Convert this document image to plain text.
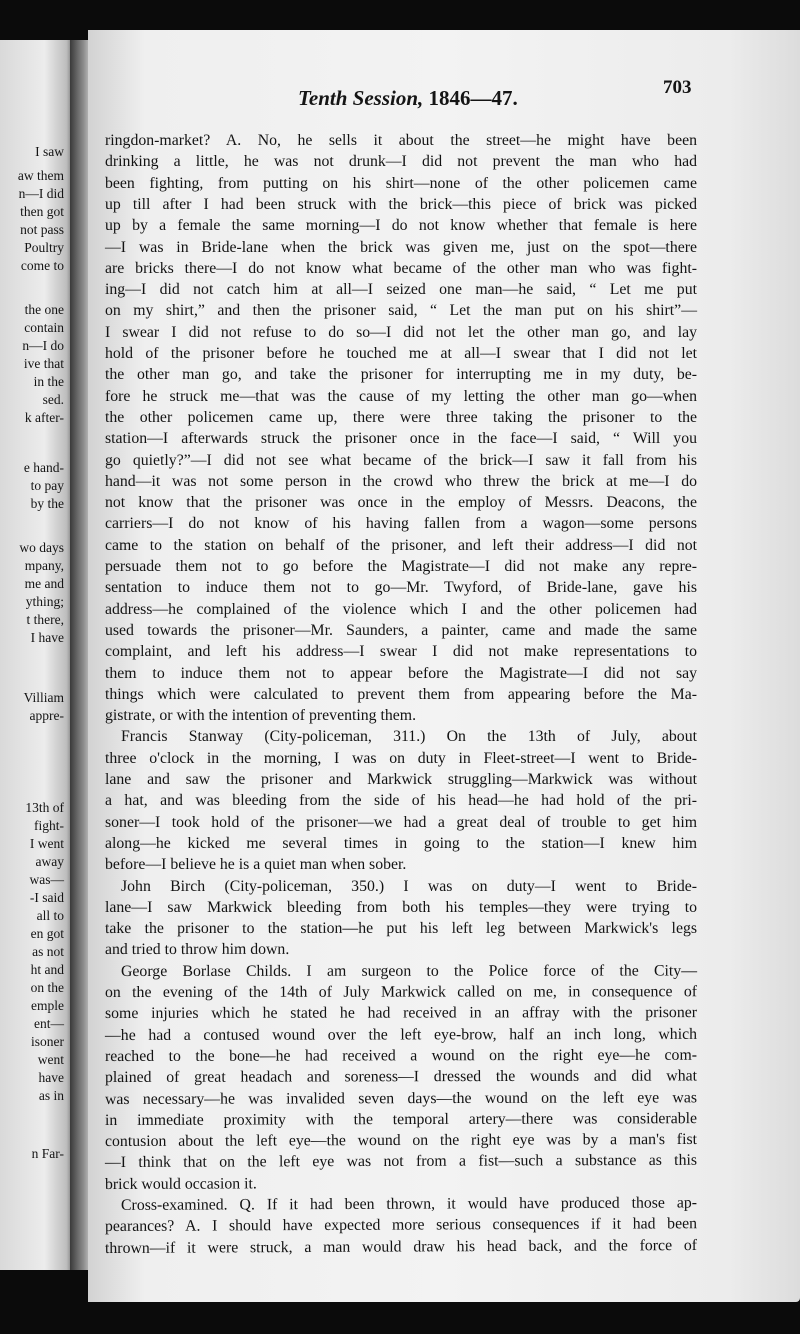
I saw

aw them

n—I did

then got

not pass

Poultry

come to

the one

contain

n—I do

ive that

in the

sed.

k after-

e hand-

to pay

by the

wo days

mpany,

me and

ything;

t there,

I have

Villiam

appre-

13th of

fight-

I went

away

was—

-I said

all to

en got

as not

ht and

on the

emple

ent—

isoner

went

have

as in

n Far-

Tenth Session, 1846—47.	703

ringdon-market? A. No, he sells it about the street—he might have been

drinking a little, he was not drunk—I did not prevent the man who had

been fighting, from putting on his shirt—none of the other policemen came

up till after I had been struck with the brick—this piece of brick was picked

up by a female the same morning—I do not know whether that female is here

—I was in Bride-lane when the brick was given me, just on the spot—there

are bricks there—I do not know what became of the other man who was fight-

ing—I did not catch him at all—I seized one man—he said, “ Let me put

on my shirt,” and then the prisoner said, “ Let the man put on his shirt”—

I swear I did not refuse to do so—I did not let the other man go, and lay

hold of the prisoner before he touched me at all—I swear that I did not let

the other man go, and take the prisoner for interrupting me in my duty, be-

fore he struck me—that was the cause of my letting the other man go—when

the other policemen came up, there were three taking the prisoner to the

station—I afterwards struck the prisoner once in the face—I said, “ Will you

go quietly?”—I did not see what became of the brick—I saw it fall from his

hand—it was not some person in the crowd who threw the brick at me—I do

not know that the prisoner was once in the employ of Messrs. Deacons, the

carriers—I do not know of his having fallen from a wagon—some persons

came to the station on behalf of the prisoner, and left their address—I did not

persuade them not to go before the Magistrate—I did not make any repre-

sentation to induce them not to go—Mr. Twyford, of Bride-lane, gave his

address—he complained of the violence which I and the other policemen had

used towards the prisoner—Mr. Saunders, a painter, came and made the same

complaint, and left his address—I swear I did not make representations to

them to induce them not to appear before the Magistrate—I did not say

things which were calculated to prevent them from appearing before the Ma-

gistrate, or with the intention of preventing them.

Francis Stanway (City-policeman, 311.) On the 13th of July, about

three o'clock in the morning, I was on duty in Fleet-street—I went to Bride-

lane and saw the prisoner and Markwick struggling—Markwick was without

a hat, and was bleeding from the side of his head—he had hold of the pri-

soner—I took hold of the prisoner—we had a great deal of trouble to get him

along—he kicked me several times in going to the station—I knew him

before—I believe he is a quiet man when sober.

John Birch (City-policeman, 350.) I was on duty—I went to Bride-

lane—I saw Markwick bleeding from both his temples—they were trying to

take the prisoner to the station—he put his left leg between Markwick's legs

and tried to throw him down.

George Borlase Childs. I am surgeon to the Police force of the City—

on the evening of the 14th of July Markwick called on me, in consequence of

some injuries which he stated he had received in an affray with the prisoner

—he had a contused wound over the left eye-brow, half an inch long, which

reached to the bone—he had received a wound on the right eye—he com-

plained of great headach and soreness—I dressed the wounds and did what

was necessary—he was invalided seven days—the wound on the left eye was

in immediate proximity with the temporal artery—there was considerable

contusion about the left eye—the wound on the right eye was by a man's fist

—I think that on the left eye was not from a fist—such a substance as this

brick would occasion it.

Cross-examined. Q. If it had been thrown, it would have produced those ap-

pearances? A. I should have expected more serious consequences if it had been

thrown—if it were struck, a man would draw his head back, and the force of
